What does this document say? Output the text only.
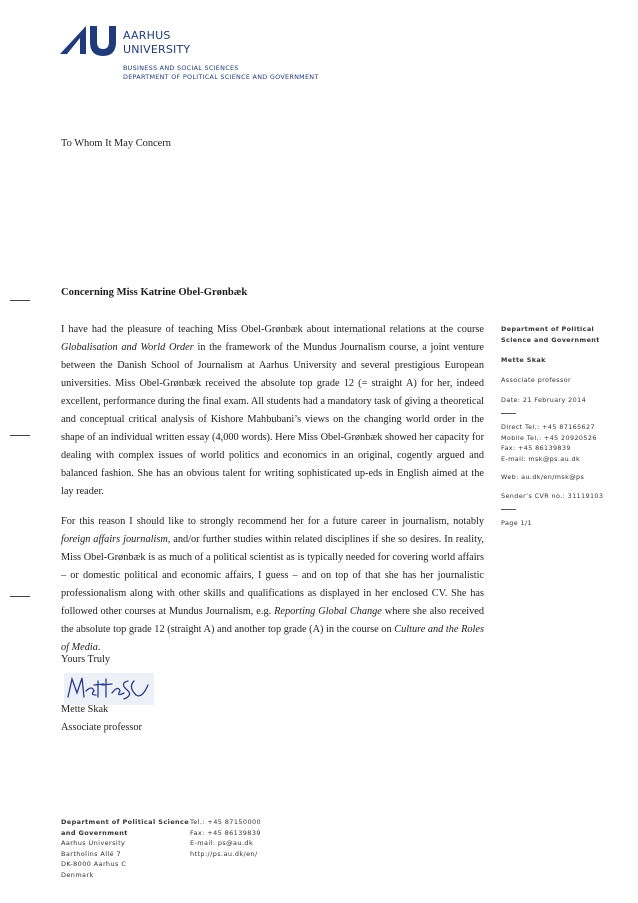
AARHUS
UNIVERSITY
BUSINESS AND SOCIAL SCIENCES
DEPARTMENT OF POLITICAL SCIENCE AND GOVERNMENT
To Whom It May Concern
Concerning Miss Katrine Obel-Grønbæk

I have had the pleasure of teaching Miss Obel-Grønbæk about international relations at the course Globalisation and World Order in the framework of the Mundus Journalism course, a joint venture between the Danish School of Journalism at Aarhus University and several prestigious European universities. Miss Obel-Grønbæk received the absolute top grade 12 (= straight A) for her, indeed excellent, performance during the final exam. All students had a mandatory task of giving a theoretical and conceptual critical analysis of Kishore Mahbubani’s views on the changing world order in the shape of an individual written essay (4,000 words). Here Miss Obel-Grønbæk showed her capacity for dealing with complex issues of world politics and economics in an original, cogently argued and balanced fashion. She has an obvious talent for writing sophisticated up-eds in English aimed at the lay reader.

For this reason I should like to strongly recommend her for a future career in journalism, notably foreign affairs journalism, and/or further studies within related disciplines if she so desires. In reality, Miss Obel-Grønbæk is as much of a political scientist as is typically needed for covering world affairs – or domestic political and economic affairs, I guess – and on top of that she has her journalistic professionalism along with other skills and qualifications as displayed in her enclosed CV. She has followed other courses at Mundus Journalism, e.g. Reporting Global Change where she also received the absolute top grade 12 (straight A) and another top grade (A) in the course on Culture and the Roles of Media.

Yours Truly
Mette Skak
Associate professor
Department of Political
Science and Government
Mette Skak
Associate professor
Date: 21 February 2014
Direct Tel.: +45 87165627
Mobile Tel.: +45 20920526
Fax: +45 86139839
E-mail: msk@ps.au.dk
Web: au.dk/en/msk@ps
Sender’s CVR no.: 31119103
Page 1/1
Department of Political Science
and Government
Aarhus University
Bartholins Allé 7
DK-8000 Aarhus C
Denmark
Tel.: +45 87150000
Fax: +45 86139839
E-mail: ps@au.dk
http://ps.au.dk/en/
